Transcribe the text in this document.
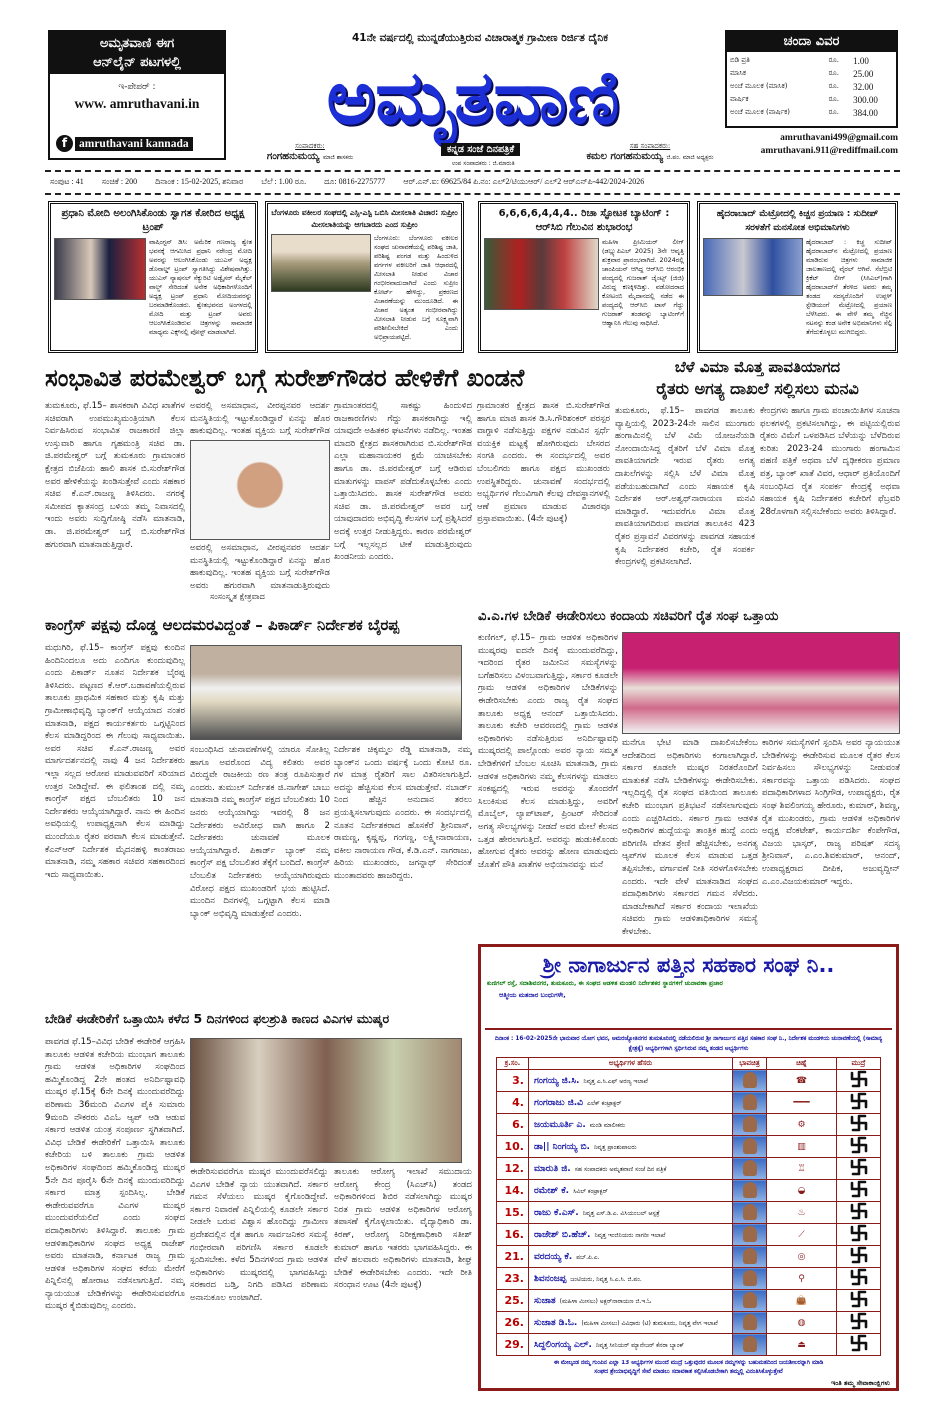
ಅಮೃತವಾಣಿ ಈಗ
ಆನ್‌ಲೈನ್ ಪಟಗಳಲ್ಲಿ
ಇ-ಪೇಪರ್ :
www. amruthavani.in
f	amruthavani kannada
41ನೇ ವರ್ಷದಲ್ಲಿ ಮುನ್ನಡೆಯುತ್ತಿರುವ ವಿಚಾರಾತ್ಮಕ ಗ್ರಾಮೀಣ ರಿರ್ಜಿತ ದೈನಿಕ
ಅಮೃತವಾಣಿ
ಕನ್ನಡ ಸಂಜೆ ದಿನಪತ್ರಿಕೆ
ಸಂಪಾದಕರು:
ಗಂಗಹನುಮಯ್ಯ ಮಾಜಿ ಶಾಸಕರು
ಉಪ ಸಂಪಾದಕರು : ಜಿ.ಮಾರುತಿ
ಸಹ ಸಂಪಾದಕರು:
ಕಮಲ ಗಂಗಹನುಮಯ್ಯ ಜಿ.ಪಂ. ಮಾಜಿ ಅಧ್ಯಕ್ಷರು
ಚಂದಾ ವಿವರ
ಬಿಡಿ ಪ್ರತಿ	ರೂ.	1.00
ಮಾಸಿಕ	ರೂ.	25.00
ಅಂಚೆ ಮೂಲಕ (ಮಾಸಿಕ)	ರೂ.	32.00
ವಾರ್ಷಿಕ	ರೂ.	300.00
ಅಂಚೆ ಮೂಲಕ (ವಾರ್ಷಿಕ)	ರೂ.	384.00
amruthavani499@gmail.com
amruthavani.911@rediffmail.com
ಸಂಪುಟ : 41 ಸಂಚಿಕೆ : 200 ದಿನಾಂಕ : 15-02-2025, ಶನಿವಾರ ಬೆಲೆ : 1.00 ರೂ. ದೂ: 0816-2275777 ಆರ್.ಎನ್.ಐ: 69625/84 ಪಿ.ನಂ: ಎಲ್2/ಟಿಯುಆರ್/ ಎಲ್2 ಆರ್‌ಎನ್‌ಪಿ-442/2024-2026
ಪ್ರಧಾನಿ ಮೋದಿ ಅಲಂಗಿಸಿಕೊಂಡು ಸ್ವಾಗತ ಕೋರಿದ ಅಧ್ಯಕ್ಷ ಟ್ರಂಪ್
ವಾಷಿಂಗ್ಟನ್ ಡಿಸಿ: ಅಮೆರಿಕ ಗಣರಾಜ್ಯ ಶ್ವೇತ ಭವನಕ್ಕೆ ಆಗಮಿಸಿದ ಪ್ರಧಾನಿ ನರೇಂದ್ರ ಮೋದಿ ಅವರನ್ನು ಆಲಂಗಿಸಿಕೊಂಡು ಯುಎಸ್ ಅಧ್ಯಕ್ಷ ಡೊನಾಲ್ಡ್ ಟ್ರಂಪ್ ಸ್ವಾಗತಿಸಿದ್ದು ವಿಶೇಷವಾಗಿತ್ತು. ಯುಎಸ್ ನ್ಯಾಷನಲ್ ಸೆಕ್ಯುರಿಟಿ ಅಡ್ವೈಸರ್ ಮೈಕೆಲ್ ವಾಲ್ಜ್ ಸೇರಿದಂತೆ ಅನೇಕ ಅಧಿಕಾರಿಗಳೊಂದಿಗೆ ಅಧ್ಯಕ್ಷ ಟ್ರಂಪ್ ಪ್ರಧಾನಿ ಮೋದಿಯವರನ್ನು ಬರಮಾಡಿಕೊಂಡರು. ಶ್ವೇತಭವನದ ಅಂಗಳದಲ್ಲಿ ಮೋದಿ ಮತ್ತು ಟ್ರಂಪ್ ಅವರು ಆಲಂಗಿಸಿಕೊಂಡಿರುವ ಚಿತ್ರಗಳನ್ನು ಸಾಮಾಜಿಕ ಮಾಧ್ಯಮ ಎಕ್ಸ್‌ನಲ್ಲಿ ಪೋಸ್ಟ್ ಮಾಡಲಾಗಿದೆ.
ಬೆಂಗಳೂರು ವಕೀಲರ ಸಂಘದಲ್ಲಿ ಎಸ್ಸಿ-ಎಸ್ಟಿ ಒಬಿಸಿ ಮೀಸಲಾತಿ ವಿಚಾರ: ಸುಪ್ರೀಂ ಮೀಸಲಾತಿಯನ್ನು ಆಗಬಾರದು ಎಂದ ಸುಪ್ರೀಂ
ಬೆಂಗಳೂರು: ಬೆಂಗಳೂರು ವಕೀಲರ ಸಂಘದ ಚುನಾವಣೆಯಲ್ಲಿ ಪರಿಶಿಷ್ಟ ಜಾತಿ, ಪರಿಶಿಷ್ಟ ಪಂಗಡ ಮತ್ತು ಹಿಂದುಳಿದ ವರ್ಗಗಳ ವಕೀಲರಿಗೆ ಜಾತಿ ಆಧಾರದಲ್ಲಿ ಮೀಸಲಾತಿ ನೀಡುವ ವಿಚಾರ ಗಂಭೀರವಾದುದಾಗಿದೆ ಎಂದು ಸುಪ್ರೀಂ ಕೋರ್ಟ್ ಹೇಳಿದ್ದು, ಪ್ರಕರಣದ ವಿಚಾರಣೆಯನ್ನು ಮುಂದೂಡಿದೆ. ಈ ವಿಚಾರ ಅತ್ಯಂತ ಗಂಭೀರವಾಗಿದ್ದು ಮೀಸಲಾತಿ ನೀಡುವ ಬಗ್ಗೆ ಸೂಕ್ಷ್ಮವಾಗಿ ಪರಿಶೀಲಿಸಬೇಕಿದೆ ಎಂದು ಅಭಿಪ್ರಾಯಪಟ್ಟಿದೆ.
6,6,6,6,4,4,4.. ರಿಚಾ ಸ್ಫೋಟಕ ಬ್ಯಾಟಿಂಗ್ : ಆರ್‌ಸಿಬಿ ಗೆಲುವಿನ ಶುಭಾರಂಭ
ಮಹಿಳಾ ಪ್ರೀಮಿಯರ್ ಲೀಗ್ (ಡಬ್ಲ್ಯುಪಿಎಲ್ 2025) 3ನೇ ಆವೃತ್ತಿ ಶುಕ್ರವಾರ ಪ್ರಾರಂಭವಾಗಿದೆ. 2024ರಲ್ಲಿ ಚಾಂಪಿಯನ್ ಆಗಿದ್ದ ಆರ್‌ಸಿಬಿ ಆರಂಭಿಕ ಪಂದ್ಯದಲ್ಲಿ ಗುಜರಾತ್ ಜೈಂಟ್ಸ್ (ಜಿಜಿ) ವಿರುದ್ಧ ಕಣಕ್ಕಿಳಿದಿತ್ತು. ವಡೋದರಾದ ಕೋಟಂಬಿ ಮೈದಾನದಲ್ಲಿ ನಡೆದ ಈ ಪಂದ್ಯದಲ್ಲಿ ಆರ್‌ಸಿಬಿ ಟಾಸ್ ಗೆದ್ದು ಗುಜರಾತ್ ತಂಡವನ್ನು ಬ್ಯಾಟಿಂಗ್‌ಗೆ ಆಹ್ವಾನಿಸಿ ಗೆಲುವು ಸಾಧಿಸಿದೆ.
ಹೈದರಾಬಾದ್ ಮೆಟ್ರೋದಲ್ಲಿ ಕಿಚ್ಚನ ಪ್ರಯಾಣ : ಸುದೀಪ್ ಸರಳತೆಗೆ ಮನಸೋತ ಅಭಿಮಾನಿಗಳು
ಹೈದರಾಬಾದ್ : ಕಿಚ್ಚ ಸುದೀಪ್ ಹೈದರಾಬಾದ್‌ನ ಮೆಟ್ರೋದಲ್ಲಿ ಪ್ರಯಾಣ ಮಾಡಿರುವ ಚಿತ್ರಗಳು ಸಾಮಾಜಿಕ ಜಾಲತಾಣದಲ್ಲಿ ವೈರಲ್ ಆಗಿವೆ. ಸೆಲೆಬ್ರಿಟಿ ಕ್ರಿಕೆಟ್ ಲೀಗ್ (ಸಿಸಿಎಲ್)ಗಾಗಿ ಹೈದರಾಬಾದ್‌ಗೆ ತೆರಳಿದ ಅವರು ತಮ್ಮ ತಂಡದ ಸದಸ್ಯರೊಂದಿಗೆ ಉಪ್ಪಳ್ ಸ್ಟೇಡಿಯಂಗೆ ಮೆಟ್ರೋದಲ್ಲಿ ಪ್ರಯಾಣ ಬೆಳೆಸಿದರು. ಈ ವೇಳೆ ತಮ್ಮ ನೆಚ್ಚಿನ ನಟನನ್ನು ಕಂಡ ಅನೇಕ ಅಭಿಮಾನಿಗಳು ಸೆಲ್ಫಿ ತೆಗೆದುಕೊಳ್ಳಲು ಮುಗಿಬಿದ್ದರು.
ಸಂಭಾವಿತ ಪರಮೇಶ್ವರ್ ಬಗ್ಗೆ ಸುರೇಶ್‌ಗೌಡರ ಹೇಳಿಕೆಗೆ ಖಂಡನೆ
ತುಮಕೂರು, ಫೆ.15– ಶಾಸಕರಾಗಿ ವಿವಿಧ ಖಾತೆಗಳ ಸಚಿವರಾಗಿ ಉಪಮುಖ್ಯಮಂತ್ರಿಯಾಗಿ ಕೆಲಸ ನಿರ್ವಹಿಸಿರುವ ಸಂಭಾವಿತ ರಾಜಕಾರಣಿ ಜಿಲ್ಲಾ ಉಸ್ತುವಾರಿ ಹಾಗೂ ಗೃಹಮಂತ್ರಿ ಸಚಿವ ಡಾ. ಜಿ.ಪರಮೇಶ್ವರ್ ಬಗ್ಗೆ ತುಮಕೂರು ಗ್ರಾಮಾಂತರ ಕ್ಷೇತ್ರದ ಬಿಜೆಪಿಯ ಹಾಲಿ ಶಾಸಕ ಬಿ.ಸುರೇಶ್‌ಗೌಡ ಅವರ ಹೇಳಿಕೆಯನ್ನು ಖಂಡಿಸುತ್ತೇವೆ ಎಂದು ಸಹಕಾರ ಸಚಿವ ಕೆ.ಎನ್.ರಾಜಣ್ಣ ತಿಳಿಸಿದರು. ನಗರಕ್ಕೆ ಸಮೀಪದ ಕ್ಯಾತಸಂದ್ರ ಬಳಿಯ ತಮ್ಮ ನಿವಾಸದಲ್ಲಿ ಇಂದು ಅವರು ಸುದ್ದಿಗೋಷ್ಠಿ ನಡೆಸಿ ಮಾತನಾಡಿ, ಡಾ. ಜಿ.ಪರಮೇಶ್ವರ್ ಬಗ್ಗೆ ಬಿ.ಸುರೇಶ್‌ಗೌಡ ಹಗುರವಾಗಿ ಮಾತನಾಡುತ್ತಿದ್ದಾರೆ.
ಅವರಲ್ಲಿ ಅಸಮಾಧಾನ, ವೀರಪ್ಪನವರ ಆದರ್ಶ ಮನಸ್ಥಿತಿಯಲ್ಲಿ ಇಟ್ಟುಕೊಂಡಿದ್ದಾರೆ ಏನನ್ನು ಹೊರ ಹಾಕುವುದಿಲ್ಲ. ಇಂತಹ ವ್ಯಕ್ತಿಯ ಬಗ್ಗೆ ಸುರೇಶ್‌ಗೌಡ
ಅವರಲ್ಲಿ ಅಸಮಾಧಾನ, ವೀರಪ್ಪನವರ ಆದರ್ಶ ಮನಸ್ಥಿತಿಯಲ್ಲಿ ಇಟ್ಟುಕೊಂಡಿದ್ದಾರೆ ಏನನ್ನು ಹೊರ ಹಾಕುವುದಿಲ್ಲ. ಇಂತಹ ವ್ಯಕ್ತಿಯ ಬಗ್ಗೆ ಸುರೇಶ್‌ಗೌಡ ಅವರು ಹಗುರವಾಗಿ ಮಾತನಾಡುತ್ತಿರುವುದು
ಸಂಸಂಸ್ಕೃತ ಕ್ಷೇತ್ರವಾದ
ಗ್ರಾಮಾಂತರದಲ್ಲಿ ಸಾಕಷ್ಟು ಹಿಂದುಳಿದ ರಾಜಕಾರಣಿಗಳು ಗೆದ್ದು ಶಾಸಕರಾಗಿದ್ದು ಇಲ್ಲಿ ಯಾವುದೇ ಅಹಿತಕರ ಘಟನೆಗಳು ನಡೆದಿಲ್ಲ. ಇಂತಹ ಮಾದರಿ ಕ್ಷೇತ್ರದ ಶಾಸಕರಾಗಿರುವ ಬಿ.ಸುರೇಶ್‌ಗೌಡ ಎಲ್ಲಾ ಮಹಾನಾಯಕರ ಕ್ಷಮೆ ಯಾಚಿಸಬೇಕು ಹಾಗೂ ಡಾ. ಜಿ.ಪರಮೇಶ್ವರ್ ಬಗ್ಗೆ ಆಡಿರುವ ಮಾತುಗಳನ್ನು ವಾಪಸ್ ಪಡೆದುಕೊಳ್ಳಬೇಕು ಎಂದು ಒತ್ತಾಯಿಸಿದರು. ಶಾಸಕ ಸುರೇಶ್‌ಗೌಡ ಅವರು ಸಚಿವ ಡಾ. ಜಿ.ಪರಮೇಶ್ವರ್ ಅವರ ಬಗ್ಗೆ ಯಾವುದಾದರು ಅಭಿವೃದ್ಧಿ ಕೆಲಸಗಳ ಬಗ್ಗೆ ಪ್ರಶ್ನಿಸಿದರೆ ಅದಕ್ಕೆ ಉತ್ತರ ನೀಡುತ್ತಿದ್ದರು. ಕಾರಣ ಪರಮೇಶ್ವರ್ ಬಗ್ಗೆ ಇಲ್ಲಸಲ್ಲದ ಟೀಕೆ ಮಾಡುತ್ತಿರುವುದು ಖಂಡನೀಯ ಎಂದರು.
ಗ್ರಾಮಾಂತರ ಕ್ಷೇತ್ರದ ಶಾಸಕ ಬಿ.ಸುರೇಶ್‌ಗೌಡ ಹಾಗೂ ಮಾಜಿ ಶಾಸಕ ಡಿ.ಸಿ.ಗೌರಿಶಂಕರ್ ಪರಸ್ಪರ ವಾಗ್ದಾಳಿ ನಡೆಸುತ್ತಿದ್ದು ಪಕ್ಷಗಳ ನಡುವಿನ ಸ್ಪರ್ಧೆ ವಯಕ್ತಿಕ ಮಟ್ಟಕ್ಕೆ ಹೋಗಿರುವುದು ಬೇಸರದ ಸಂಗತಿ ಎಂದರು. ಈ ಸಂದರ್ಭದಲ್ಲಿ ಅವರ ಬೆಂಬಲಿಗರು ಹಾಗೂ ಪಕ್ಷದ ಮುಖಂಡರು ಉಪಸ್ಥಿತರಿದ್ದರು. ಚುನಾವಣೆ ಸಂದರ್ಭದಲ್ಲಿ ಅಭ್ಯರ್ಥಿಗಳ ಗೆಲುವಿಗಾಗಿ ಕೆಲವು ದೇವಸ್ಥಾನಗಳಲ್ಲಿ ಆಣೆ ಪ್ರಮಾಣ ಮಾಡುವ ವಿಚಾರವೂ ಪ್ರಸ್ತಾಪವಾಯಿತು. (4ನೇ ಪುಟಕ್ಕೆ)
ಬೆಳೆ ವಿಮಾ ಮೊತ್ತ ಪಾವತಿಯಾಗದ
ರೈತರು ಅಗತ್ಯ ದಾಖಲೆ ಸಲ್ಲಿಸಲು ಮನವಿ
ತುಮಕೂರು, ಫೆ.15– ಪಾವಗಡ ತಾಲೂಕು ವ್ಯಾಪ್ತಿಯಲ್ಲಿ 2023-24ನೇ ಸಾಲಿನ ಮುಂಗಾರು ಹಂಗಾಮಿನಲ್ಲಿ ಬೆಳೆ ವಿಮೆ ಯೋಜನೆಯಡಿ ನೋಂದಾಯಿಸಿದ್ದ ರೈತರಿಗೆ ಬೆಳೆ ವಿಮಾ ಮೊತ್ತ ಪಾವತಿಯಾಗದೇ ಇರುವ ರೈತರು ಅಗತ್ಯ ದಾಖಲೆಗಳನ್ನು ಸಲ್ಲಿಸಿ ಬೆಳೆ ವಿಮಾ ಮೊತ್ತ ಪಡೆಯಬಹುದಾಗಿದೆ ಎಂದು ಸಹಾಯಕ ಕೃಷಿ ನಿರ್ದೇಶಕ ಆರ್.ಅಶ್ವಥ್‌ನಾರಾಯಣ ಮನವಿ ಮಾಡಿದ್ದಾರೆ. ಇದುವರೆಗೂ ವಿಮಾ ಮೊತ್ತ ಪಾವತಿಯಾಗದಿರುವ ಪಾವಗಡ ತಾಲೂಕಿನ 423 ರೈತರ ಪ್ರಸ್ತಾವನೆ ವಿವರಗಳನ್ನು ಪಾವಗಡ ಸಹಾಯಕ ಕೃಷಿ ನಿರ್ದೇಶಕರ ಕಚೇರಿ, ರೈತ ಸಂಪರ್ಕ ಕೇಂದ್ರಗಳಲ್ಲಿ ಪ್ರಕಟಿಸಲಾಗಿದೆ.
ಕೇಂದ್ರಗಳು ಹಾಗೂ ಗ್ರಾಮ ಪಂಚಾಯಿತಿಗಳ ಸೂಚನಾ ಫಲಕಗಳಲ್ಲಿ ಪ್ರಕಟಿಸಲಾಗಿದ್ದು, ಈ ಪಟ್ಟಿಯಲ್ಲಿರುವ ರೈತರು ವಿಮೆಗೆ ಒಳಪಡಿಸಿದ ಬೆಳೆಯನ್ನು ಬೆಳೆದಿರುವ ಕುರಿತು 2023-24 ಮುಂಗಾರು ಹಂಗಾಮಿನ ಪಹಣಿ ಪತ್ರಿಕೆ ಅಥವಾ ಬೆಳೆ ದೃಢೀಕರಣ ಪ್ರಮಾಣ ಪತ್ರ, ಬ್ಯಾಂಕ್ ಖಾತೆ ವಿವರ, ಆಧಾರ್ ಪ್ರತಿಯೊಂದಿಗೆ ಸಂಬಂಧಿಸಿದ ರೈತ ಸಂಪರ್ಕ ಕೇಂದ್ರಕ್ಕೆ ಅಥವಾ ಸಹಾಯಕ ಕೃಷಿ ನಿರ್ದೇಶಕರ ಕಚೇರಿಗೆ ಫೆಬ್ರವರಿ 28ರೊಳಗಾಗಿ ಸಲ್ಲಿಸಬೇಕೆಂದು ಅವರು ತಿಳಿಸಿದ್ದಾರೆ.
ಕಾಂಗ್ರೆಸ್ ಪಕ್ಷವು ದೊಡ್ಡ ಆಲದಮರವಿದ್ದಂತೆ – ಪಿಕಾರ್ಡ್ ನಿರ್ದೇಶಕ ಬೈರಪ್ಪ
ಮಧುಗಿರಿ, ಫೆ.15– ಕಾಂಗ್ರೆಸ್ ಪಕ್ಷವು ಕುಂದಿನ ಹಿಂದಿನಿಂದಲೂ ಅದು ಎಂದಿಗೂ ಕುಂದುವುದಿಲ್ಲ ಎಂದು ಪಿಕಾರ್ಡ್ ನೂತನ ನಿರ್ದೇಶಕ ಬೈರಪ್ಪ ತಿಳಿಸಿದರು. ಪಟ್ಟಣದ ಕೆ.ಆರ್.ಬಡಾವಣೆಯಲ್ಲಿರುವ ತಾಲೂಕು ಪ್ರಾಥಮಿಕ ಸಹಕಾರ ಮತ್ತು ಕೃಷಿ ಮತ್ತು ಗ್ರಾಮೀಣಾಭಿವೃದ್ಧಿ ಬ್ಯಾಂಕ್‌ಗೆ ಆಯ್ಕೆಯಾದ ನಂತರ ಮಾತನಾಡಿ, ಪಕ್ಷದ ಕಾರ್ಯಕರ್ತರು ಒಗ್ಗಟ್ಟಿನಿಂದ ಕೆಲಸ ಮಾಡಿದ್ದರಿಂದ ಈ ಗೆಲುವು ಸಾಧ್ಯವಾಯಿತು. ಅವರ ಸಚಿವ ಕೆ.ಎನ್.ರಾಜಣ್ಣ ಅವರ ಮಾರ್ಗದರ್ಶನದಲ್ಲಿ ನಾವು 4 ಜನ ನಿರ್ದೇಶಕರು ಇಲ್ಲಾ ಸಲ್ಲದ ಆರೋಪ ಮಾಡುವವರಿಗೆ ಸರಿಯಾದ ಉತ್ತರ ನೀಡಿದ್ದೇವೆ. ಈ ಫಲಿತಾಂಶ ದಲ್ಲಿ ನಮ್ಮ ಕಾಂಗ್ರೆಸ್ ಪಕ್ಷದ ಬೆಂಬಲಿತರು 10 ಜನ ನಿರ್ದೇಶಕರು ಆಯ್ಕೆಯಾಗಿದ್ದಾರೆ. ನಾನು ಈ ಹಿಂದಿನ ಅವಧಿಯಲ್ಲಿ ಉಪಾಧ್ಯಕ್ಷನಾಗಿ ಕೆಲಸ ಮಾಡಿದ್ದು ಮುಂದೆಯೂ ರೈತರ ಪರವಾಗಿ ಕೆಲಸ ಮಾಡುತ್ತೇನೆ. ಕೆಎನ್‌ಆರ್ ನಿರ್ದೇಶಕ ಮೈದನಹಳ್ಳಿ ಕಾಂತರಾಜು ಮಾತನಾಡಿ, ನಮ್ಮ ಸಹಕಾರ ಸಚಿವರ ಸಹಕಾರದಿಂದ ಇದು ಸಾಧ್ಯವಾಯಿತು.
ಸಂಬಂಧಿಸಿದ ಚುನಾವಣೆಗಳಲ್ಲಿ ಯಾರೂ ಸೋತಿಲ್ಲ ಹಾಗೂ ಅವರೊಂದ ವಿದ್ಯ ಕಲಿತರು ಅವರ ವಿರುದ್ಧವೇ ರಾಜಕೀಯ ರಣ ತಂತ್ರ ರೂಪಿಸುತ್ತಾರೆ ಎಂದರು. ತುಮುಲ್ ನಿರ್ದೇಶಕ ಜಿ.ನಾಗೇಶ್ ಬಾಬು ಮಾತನಾಡಿ ನಮ್ಮ ಕಾಂಗ್ರೆಸ್ ಪಕ್ಷದ ಬೆಂಬಲಿತರು 10 ಜನರು ಆಯ್ಕೆಯಾಗಿದ್ದು ಇವರಲ್ಲಿ 8 ಜನ ನಿರ್ದೇಶಕರು ಅವಿರೋಧ ವಾಗಿ ಹಾಗೂ 2 ನಿರ್ದೇಶಕರು ಚುನಾವಣೆ ಮೂಲಕ ಆಯ್ಕೆಯಾಗಿದ್ದಾರೆ. ಪಿಕಾರ್ಡ್ ಬ್ಯಾಂಕ್ ನಮ್ಮ ಕಾಂಗ್ರೆಸ್ ಪಕ್ಷ ಬೆಂಬಲಿತರ ತೆಕ್ಕೆಗೆ ಬಂದಿದೆ. ಕಾಂಗ್ರೆಸ್ ಬೆಂಬಲಿತ ನಿರ್ದೇಶಕರು ಆಯ್ಕೆಯಾಗಿರುವುದು ವಿರೋಧ ಪಕ್ಷದ ಮುಖಂಡರಿಗೆ ಭಯ ಹುಟ್ಟಿಸಿದೆ. ಮುಂದಿನ ದಿನಗಳಲ್ಲಿ ಒಗ್ಗಟ್ಟಾಗಿ ಕೆಲಸ ಮಾಡಿ ಬ್ಯಾಂಕ್ ಅಭಿವೃದ್ಧಿ ಮಾಡುತ್ತೇವೆ ಎಂದರು.
ನಿರ್ದೇಶಕ ಚಿಕ್ಕಮ್ಮಲ ರೆಡ್ಡಿ ಮಾತನಾಡಿ, ನಮ್ಮ ಬ್ಯಾಂಕ್‌ನ ಒಂದು ವರ್ಷಕ್ಕೆ ಒಂದು ಕೋಟಿ ರೂ. ಗಳ ಮಾತ್ರ ರೈತರಿಗೆ ಸಾಲ ವಿತರಿಸಲಾಗುತ್ತಿದೆ. ಅದನ್ನು ಹೆಚ್ಚಿಸುವ ಕೆಲಸ ಮಾಡುತ್ತೇವೆ. ನಬಾರ್ಡ್ ನಿಂದ ಹೆಚ್ಚಿನ ಅನುದಾನ ತರಲು ಪ್ರಯತ್ನಿಸಲಾಗುವುದು ಎಂದರು. ಈ ಸಂದರ್ಭದಲ್ಲಿ ನೂತನ ನಿರ್ದೇಶಕರಾದ ಹೊಸಕೆರೆ ಶ್ರೀನಿವಾಸ್, ರಾಮಣ್ಣ, ಕೃಷ್ಣಪ್ಪ, ಗಂಗಣ್ಣ, ಲಕ್ಷ್ಮೀನಾರಾಯಣ, ವಕೀಲ ನಾರಾಯಣ ಗೌಡ, ಕೆ.ಡಿ.ಎನ್. ನಾಗರಾಜು, ಹಿರಿಯ ಮುಖಂಡರು, ಜಗನ್ನಾಥ್ ಸೇರಿದಂತೆ ಮುಂತಾದವರು ಹಾಜರಿದ್ದರು.
ವಿ.ಎ.ಗಳ ಬೇಡಿಕೆ ಈಡೇರಿಸಲು ಕಂದಾಯ ಸಚಿವರಿಗೆ ರೈತ ಸಂಘ ಒತ್ತಾಯ
ಕುಣಿಗಲ್, ಫೆ.15– ಗ್ರಾಮ ಆಡಳಿತ ಅಧಿಕಾರಿಗಳ ಮುಷ್ಕರವು ಐದನೇ ದಿನಕ್ಕೆ ಮುಂದುವರೆದಿದ್ದು, ಇದರಿಂದ ರೈತರ ಜಮೀನಿನ ಸಮಸ್ಯೆಗಳನ್ನು ಬಗೆಹರಿಸಲು ವಿಳಂಬವಾಗುತ್ತಿದ್ದು, ಸರ್ಕಾರ ಕೂಡಲೇ ಗ್ರಾಮ ಆಡಳಿತ ಅಧಿಕಾರಿಗಳ ಬೇಡಿಕೆಗಳನ್ನು ಈಡೇರಿಸಬೇಕು ಎಂದು ರಾಜ್ಯ ರೈತ ಸಂಘದ ತಾಲೂಕು ಅಧ್ಯಕ್ಷ ಆನಂದ್ ಒತ್ತಾಯಿಸಿದರು. ತಾಲೂಕು ಕಚೇರಿ ಆವರಣದಲ್ಲಿ ಗ್ರಾಮ ಆಡಳಿತ ಅಧಿಕಾರಿಗಳು ನಡೆಸುತ್ತಿರುವ ಅನಿರ್ದಿಷ್ಟಾವಧಿ ಮುಷ್ಕರದಲ್ಲಿ ಪಾಲ್ಗೊಂಡು ಅವರ ನ್ಯಾಯ ಸಮ್ಮತ ಬೇಡಿಕೆಗಳಿಗೆ ಬೆಂಬಲ ಸೂಚಿಸಿ ಮಾತನಾಡಿ, ಗ್ರಾಮ ಆಡಳಿತ ಅಧಿಕಾರಿಗಳು ನಮ್ಮ ಕೆಲಸಗಳನ್ನು ಮಾಡಲು ಸಂಕಷ್ಟದಲ್ಲಿ ಇರುವ ಅವರನ್ನು ತೊಂದರೆಗೆ ಸಿಲುಕಿಸುವ ಕೆಲಸ ಮಾಡುತ್ತಿದ್ದು, ಅವರಿಗೆ ಮೊಬೈಲ್, ಲ್ಯಾಪ್‌ಟಾಪ್, ಪ್ರಿಂಟರ್ ಸೇರಿದಂತೆ ಅಗತ್ಯ ಸೌಲಭ್ಯಗಳನ್ನು ನೀಡದೆ ಅವರ ಮೇಲೆ ಕೆಲಸದ ಒತ್ತಡ ಹೇರಲಾಗುತ್ತಿದೆ. ಅವರನ್ನು ಹುಡುಕಿಕೊಂಡು ಹೋಗುವ ರೈತರು ಆವರನ್ನು ಹೋಣ ಮಾಡುವುದು ಜೊತೆಗೆ ಪೌತಿ ಖಾತೆಗಳ ಅಭಿಯಾನವನ್ನು ಮನೆ
ಮನೆಗೂ ಭೇಟಿ ಮಾಡಿ ದಾಖಲಿಸಬೇಕೆಂಬ ಆದೇಶದಿಂದ ಅಧಿಕಾರಿಗಳು ಕಂಗಾಲಾಗಿದ್ದಾರೆ. ಸರ್ಕಾರ ಕೂಡಲೇ ಮುಷ್ಕರ ನಿರತರೊಂದಿಗೆ ಮಾತುಕತೆ ನಡೆಸಿ ಬೇಡಿಕೆಗಳನ್ನು ಈಡೇರಿಸಬೇಕು. ಇಲ್ಲದಿದ್ದಲ್ಲಿ ರೈತ ಸಂಘದ ವತಿಯಿಂದ ತಾಲೂಕು ಕಚೇರಿ ಮುಂಭಾಗ ಪ್ರತಿಭಟನೆ ನಡೆಸಲಾಗುವುದು ಎಂದು ಎಚ್ಚರಿಸಿದರು. ಸರ್ಕಾರ ಗ್ರಾಮ ಆಡಳಿತ ಅಧಿಕಾರಿಗಳ ಹುದ್ದೆಯನ್ನು ತಾಂತ್ರಿಕ ಹುದ್ದೆ ಎಂದು ಪರಿಗಣಿಸಿ ವೇತನ ಶ್ರೇಣಿ ಹೆಚ್ಚಿಸಬೇಕು, ಅನಗತ್ಯ ಆ್ಯಪ್‌ಗಳ ಮೂಲಕ ಕೆಲಸ ಮಾಡುವ ಒತ್ತಡ ತಪ್ಪಿಸಬೇಕು, ವರ್ಗಾವಣೆ ನೀತಿ ಸರಳಗೊಳಿಸಬೇಕು ಎಂದರು. ಇದೇ ವೇಳೆ ಮಾತನಾಡಿದ ಸಂಘದ ಪದಾಧಿಕಾರಿಗಳು ಸರ್ಕಾರದ ಗಮನ ಸೆಳೆದರು. ಮಾಡಬೇಕಾಗಿದೆ ಸರ್ಕಾರ ಕಂದಾಯ ಇಲಾಖೆಯ ಸಚಿವರು ಗ್ರಾಮ ಆಡಳಿತಾಧಿಕಾರಿಗಳ ಸಮಸ್ಯೆ ಕೇಳಬೇಕು.
ಕಾರಿಗಳ ಸಮಸ್ಯೆಗಳಿಗೆ ಸ್ಪಂದಿಸಿ ಅವರ ನ್ಯಾಯಯುತ ಬೇಡಿಕೆಗಳನ್ನು ಈಡೇರಿಸುವ ಮೂಲಕ ರೈತರ ಕೆಲಸ ನಿರ್ವಹಿಸಲು ಸೌಲಭ್ಯಗಳನ್ನು ನೀಡುವಂತೆ ಸರ್ಕಾರವನ್ನು ಒತ್ತಾಯ ಪಡಿಸಿದರು. ಸಂಘದ ಪದಾಧಿಕಾರಿಗಳಾದ ಸಿಂಗ್ರಿಗೌಡ, ಉಪಾಧ್ಯಕ್ಷರು, ರೈತ ಸಂಘ ಶಿವಲಿಂಗಯ್ಯ ಹೇರೂರು, ಕುಮಾರ್, ಶಿವಣ್ಣ, ರೈತ ಮುಖಂಡರು, ಗ್ರಾಮ ಆಡಳಿತ ಅಧಿಕಾರಿಗಳ ಅಧ್ಯಕ್ಷ ವೆಂಕಟೇಶ್, ಕಾರ್ಯದರ್ಶಿ ಕೆಂಪೇಗೌಡ, ವಿಜಯ ಭಾಸ್ಕರ್, ರಾಜ್ಯ ಪರಿಷತ್ ಸದಸ್ಯ ಶ್ರೀನಿವಾಸ್, ಎ.ಎಂ.ಶಿವಕುಮಾರ್, ಆನಂದ್, ಉಪಾಧ್ಯಕ್ಷರಾದ ದೀಪಿಕ, ಅಜುವ್ಯದ್ದೀನ್ ಎ.ಎಂ.ವಿಜಯಕುಮಾರ್ ಇದ್ದರು.
ಬೇಡಿಕೆ ಈಡೇರಿಕೆಗೆ ಒತ್ತಾಯಿಸಿ ಕಳೆದ 5 ದಿನಗಳಿಂದ ಫಲಶ್ರುತಿ ಕಾಣದ ವಿಎಗಳ ಮುಷ್ಕರ
ಪಾವಗಡ ಫೆ.15–ವಿವಿಧ ಬೇಡಿಕೆ ಈಡೇರಿಕೆ ಆಗ್ರಹಿಸಿ ತಾಲೂಕು ಆಡಳಿತ ಕಚೇರಿಯ ಮುಂಭಾಗ ತಾಲೂಕು ಗ್ರಾಮ ಆಡಳಿತ ಅಧಿಕಾರಿಗಳ ಸಂಘದಿಂದ ಹಮ್ಮಿಕೊಂಡಿದ್ದ 2ನೇ ಹಂತದ ಅನಿರ್ದಿಷ್ಟಾವಧಿ ಮುಷ್ಕರ ಫೆ.15ಕ್ಕೆ 6ನೇ ದಿನಕ್ಕೆ ಮುಂದುವರೆದಿದ್ದು ಪರಿಣಾಮ 36ಮಂದಿ ವಿಎಗಳ ಪೈಕಿ ಸುಮಾರು 9ಮಂದಿ ನೌಕರರು ವಿಎಓ ಆ್ಯಪ್ ಆಡಿ ಆಡುವ ಸರ್ಕಾರ ಆಡಳಿತ ಯಂತ್ರ ಸಂಪೂರ್ಣ ಸ್ಥಗಿತವಾಗಿದೆ. ವಿವಿಧ ಬೇಡಿಕೆ ಈಡೇರಿಕೆಗೆ ಒತ್ತಾಯಿಸಿ ತಾಲೂಕು ಕಚೇರಿಯ ಬಳಿ ತಾಲೂಕು ಗ್ರಾಮ ಆಡಳಿತ ಅಧಿಕಾರಿಗಳ ಸಂಘದಿಂದ ಹಮ್ಮಿಕೊಂಡಿದ್ದ ಮುಷ್ಕರ 5ನೇ ದಿನ ಪೂರೈಸಿ 6ನೇ ದಿನಕ್ಕೆ ಮುಂದುವರಿದಿದ್ದು ಸರ್ಕಾರ ಮಾತ್ರ ಸ್ಪಂದಿಸಿಲ್ಲ. ಬೇಡಿಕೆ ಈಡೇರುವವರೆಗೂ ವಿಎಗಳ ಮುಷ್ಕರ ಮುಂದುವರೆಯಲಿದೆ ಎಂದು ಸಂಘದ ಪದಾಧಿಕಾರಿಗಳು ತಿಳಿಸಿದ್ದಾರೆ. ತಾಲೂಕು ಗ್ರಾಮ ಆಡಳಿತಾಧಿಕಾರಿಗಳ ಸಂಘದ ಅಧ್ಯಕ್ಷ ರಾಜೇಶ್ ಅವರು ಮಾತನಾಡಿ, ಕರ್ನಾಟಕ ರಾಜ್ಯ ಗ್ರಾಮ ಆಡಳಿತ ಅಧಿಕಾರಿಗಳ ಸಂಘದ ಕರೆಯ ಮೇರೆಗೆ ಪಿನ್ನಿಲಿನಲ್ಲಿ ಹೋರಾಟ ನಡೆಸಲಾಗುತ್ತಿದೆ. ನಮ್ಮ ನ್ಯಾಯಯುತ ಬೇಡಿಕೆಗಳನ್ನು ಈಡೇರಿಸುವವರೆಗೂ ಮುಷ್ಕರ ಕೈಬಿಡುವುದಿಲ್ಲ ಎಂದರು.
ಈಡೇರಿಸುವವರೆಗೂ ಮುಷ್ಕರ ಮುಂದುವರೆಸಲಿದ್ದು ವಿಎಗಳ ಬೇಡಿಕೆ ನ್ಯಾಯ ಯುತವಾಗಿದೆ. ಸರ್ಕಾರ ಗಮನ ಸೆಳೆಯಲು ಮುಷ್ಕರ ಕೈಗೊಂಡಿದ್ದೇವೆ. ಸರ್ಕಾರ ನಿವಾರಣೆ ಪಿನ್ನಿಲಿಯಲ್ಲಿ ಕೂಡಲೇ ಸರ್ಕಾರ ನೀಡಲೇ ಬರುವ ವಿಶ್ವಾಸ ಹೊಂದಿದ್ದು ಗ್ರಾಮೀಣ ಪ್ರದೇಶದಲ್ಲಿನ ರೈತ ಹಾಗೂ ಸಾರ್ವಜನಿಕರ ಸಮಸ್ಯೆ ಗಂಭೀರವಾಗಿ ಪರಿಗಣಿಸಿ ಸರ್ಕಾರ ಕೂಡಲೇ ಸ್ಪಂದಿಸಬೇಕು. ಕಳೆದ 5ದಿನಗಳಿಂದ ಗ್ರಾಮ ಆಡಳಿತ ಅಧಿಕಾರಿಗಳು ಮುಷ್ಕರದಲ್ಲಿ ಭಾಗವಹಿಸಿದ್ದು ಸರಕಾರದ ಬಡ್ತಿ, ನಿಗದಿ ಪಡಿಸಿದ ಪರಿಣಾಮ ಅನಾನುಕೂಲ ಉಂಟಾಗಿದೆ.
ತಾಲೂಕು ಆರೋಗ್ಯ ಇಲಾಖೆ ಸಮುದಾಯ ಆರೋಗ್ಯ ಕೇಂದ್ರ (ಸಿಎಚ್‌ಸಿ) ತಂಡದ ಅಧಿಕಾರಿಗಳಿಂದ ಶಿಬಿರ ನಡೆಸಲಾಗಿದ್ದು ಮುಷ್ಕರ ನಿರತ ಗ್ರಾಮ ಆಡಳಿತ ಅಧಿಕಾರಿಗಳ ಆರೋಗ್ಯ ತಪಾಸಣೆ ಕೈಗೊಳ್ಳಲಾಯಿತು. ವೈದ್ಯಾಧಿಕಾರಿ ಡಾ. ಕಿರಣ್, ಆರೋಗ್ಯ ನಿರೀಕ್ಷಣಾಧಿಕಾರಿ ಸತೀಶ್ ಕುಮಾರ್ ಹಾಗೂ ಇತರರು ಭಾಗವಹಿಸಿದ್ದರು. ಈ ವೇಳೆ ಹಲವಾರು ಅಧಿಕಾರಿಗಳು ಮಾತನಾಡಿ, ಶೀಘ್ರ ಬೇಡಿಕೆ ಈಡೇರಿಸಬೇಕು ಎಂದರು. ಇದೇ ರೀತಿ ಸರಂಧಾನ ಊಟ (4ನೇ ಪುಟಕ್ಕೆ)
ಶ್ರೀ ನಾಗಾರ್ಜುನ ಪತ್ತಿನ ಸಹಕಾರ ಸಂಘ ನಿ..
ಕುಣಿಗಲ್ ರಸ್ತೆ, ಸದಾಶಿವನಗರ, ತುಮಕೂರು, ಈ ಸಂಘದ ಆಡಳಿತ ಮಂಡಲಿ ನಿರ್ದೇಶಕರ ಸ್ಥಾನಗಳಿಗೆ ಚುನಾವಣಾ ಪ್ರಚಾರ
ಆತ್ಮೀಯ ಮತದಾರ ಬಂಧುಗಳೇ,
ದಿನಾಂಕ : 16-02-2025ನೇ ಭಾನುವಾರ ಯೋಗ ಭವನ, ಅಮರಜ್ಯೋತಿನಗರ ತುಮಕೂರಿನಲ್ಲಿ ನಡೆಯಲಿರುವ ಶ್ರೀ ನಾಗಾರ್ಜುನ ಪತ್ತಿನ ಸಹಕಾರ ಸಂಘ ನಿ., ನಿರ್ದೇಶಕ ಮಂಡಳಿಯ ಚುನಾವಣೆಯಲ್ಲಿ (ಸಾಮಾನ್ಯ ಕ್ಷೇತ್ರಕ್ಕೆ) ಅಭ್ಯರ್ಥಿಗಳಾಗಿ ಸ್ಪರ್ಧಿಸಿರುವ ನಮ್ಮ ತಂಡದ ಅಭ್ಯರ್ಥಿಗಳು
ಕ್ರ.ಸಂ.	ಅಭ್ಯರ್ಥಿಗಳ ಹೆಸರು	ಭಾವಚಿತ್ರ	ಚಿಹ್ನೆ	ಮುದ್ರೆ
3.	ಗಂಗಯ್ಯ ಜಿ.ಸಿ. ನಿವೃತ್ತ ಎ.ಸಿ.ಎಫ್ ಅರಣ್ಯ ಇಲಾಖೆ		☎	
4.	ಗಂಗರಾಜು ಜಿ.ವಿ ಎಲೆಕ್ ಕಂಟ್ರಾಕ್ಟರ್		━━━	
6.	ಜಯಮೂರ್ತಿ ಎ. ಮಂಡಿ ಮಾಲೀಕರು		⚙	
10.	ಡಾ|| ನಿಂಗಯ್ಯ ಬಿ. ನಿವೃತ್ತ ಪ್ರಾಂಶುಪಾಲರು		▥	
12.	ಮಾರುತಿ ಜಿ. ಸಹ ಸಂಪಾದಕರು ಅಮೃತವಾಣಿ ಸಂಜೆ ದಿನ ಪತ್ರಿಕೆ		♖	
14.	ರಮೇಶ್ ಕೆ. ಸಿವಿಲ್ ಕಂಟ್ರಾಕ್ಟರ್		◒	
15.	ರಾಜು ಕೆ.ಎಸ್. ನಿವೃತ್ತ ಎಸ್.ಡಿ.ಎ. ವಿಸಿಯಂಬಲ್ ಆಸ್ಪತ್ರೆ		♨	
16.	ರಾಜೇಶ್ ಬಿ.ಹೆಚ್. ನಿವೃತ್ತ ಇಂಜಿನಿಯರು ನಾಗರೀ ಇಲಾಖೆ		⟋	
21.	ವರದಯ್ಯ ಕೆ. ಪಬ್.ಪಿ.ಎ.		◎	
23.	ಶಿವನಂಜಪ್ಪ ಜಂಟಿಯರು, ನಿವೃತ್ತ ಸಿ.ಎ.ಸಿ. ಜಿ.ಪಂ.		⚲	
25.	ಸುಜಾತ (ಮಹಿಳಾ ಮೀಸಲು) ಅಕ್ಷರ್‌ನಾರಾಯಣ ಜಿ.ಇ.ಓ		👜	
26.	ಸುಜಾತ ಡಿ.ಓ. (ಮಹಿಳಾ ಮೀಸಲು) ವಿವಿಧಾರು (ಟಿ) ತುಮಕೂರು, ನಿವೃತ್ತ ವೇಗ ಇಲಾಖೆ		◍	
29.	ಸಿದ್ದಲಿಂಗಯ್ಯ ಎಲ್. ನಿವೃತ್ತ ಸೀನಿಯರ್ ಮ್ಯಾನೇಜರ್ ಕೆನರಾ ಬ್ಯಾಂಕ್		⏏	
ಈ ಮೇಲ್ಕಂಡ ನಮ್ಮ ಗುಂಪಿನ ಎಲ್ಲಾ 13 ಅಭ್ಯರ್ಥಿಗಳ ಮುಂದೆ ಮುದ್ರೆ ಒತ್ತುವುದರ ಮೂಲಕ ನಮ್ಮಗಳನ್ನು ಬಹುಮತದಿಂದ ಜಯಶೀಲರನ್ನಾಗಿ ಮಾಡಿ
ಸಂಘದ ಶ್ರೇಯಾಭಿವೃದ್ಧಿಗೆ ಸೇವೆ ಮಾಡಲು ಸದಾವಕಾಶ ಕಲ್ಪಿಸಿಕೊಡಬೇಕಾಗಿ ತಮ್ಮಲ್ಲಿ ವಿನಂತಿಸಿಕೊಳ್ಳುತ್ತೇವೆ
ಇಂತಿ ತಮ್ಮ ಸೇವಾಕಾಂಕ್ಷಿಗಳು
